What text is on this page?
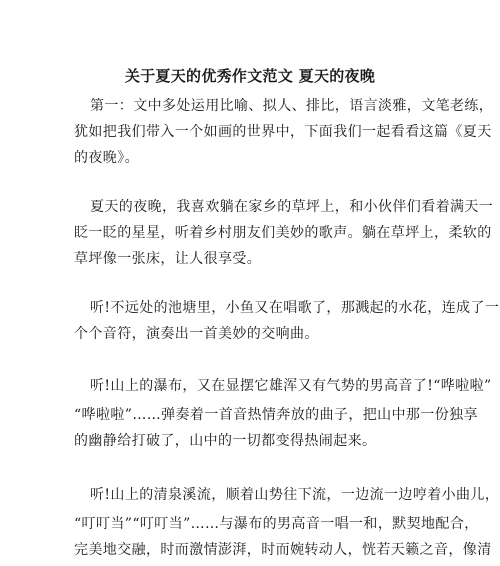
关于夏天的优秀作文范文 夏天的夜晚
第一：文中多处运用比喻、拟人、排比，语言淡雅，文笔老练，
犹如把我们带入一个如画的世界中，下面我们一起看看这篇《夏天
的夜晚》。
夏天的夜晚，我喜欢躺在家乡的草坪上，和小伙伴们看着满天一
眨一眨的星星，听着乡村朋友们美妙的歌声。躺在草坪上，柔软的
草坪像一张床，让人很享受。
听!不远处的池塘里，小鱼又在唱歌了，那溅起的水花，连成了一
个个音符，演奏出一首美妙的交响曲。
听!山上的瀑布，又在显摆它雄浑又有气势的男高音了!“哗啦啦”
“哗啦啦”……弹奏着一首音热情奔放的曲子，把山中那一份独享
的幽静给打破了，山中的一切都变得热闹起来。
听!山上的清泉溪流，顺着山势往下流，一边流一边哼着小曲儿，
“叮叮当”“叮叮当”……与瀑布的男高音一唱一和，默契地配合，
完美地交融，时而激情澎湃，时而婉转动人，恍若天籁之音，像清
